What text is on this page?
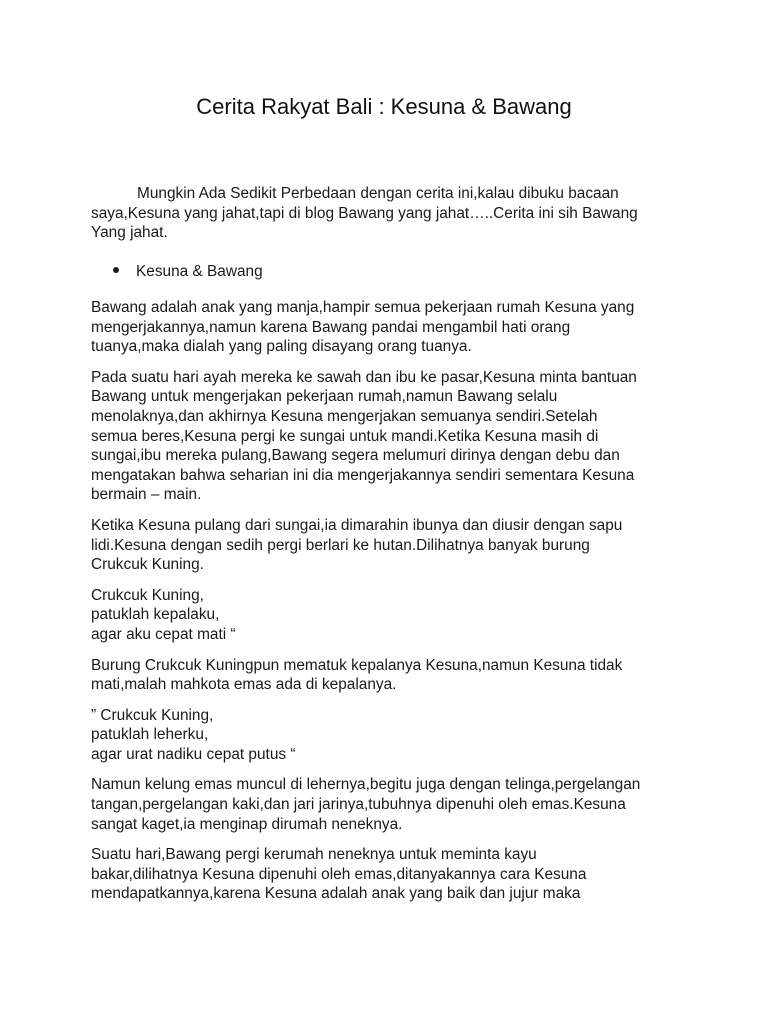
Cerita Rakyat Bali : Kesuna & Bawang
Mungkin Ada Sedikit Perbedaan dengan cerita ini,kalau dibuku bacaan
saya,Kesuna yang jahat,tapi di blog Bawang yang jahat…..Cerita ini sih Bawang
Yang jahat.
Kesuna & Bawang

Bawang adalah anak yang manja,hampir semua pekerjaan rumah Kesuna yang
mengerjakannya,namun karena Bawang pandai mengambil hati orang
tuanya,maka dialah yang paling disayang orang tuanya.

Pada suatu hari ayah mereka ke sawah dan ibu ke pasar,Kesuna minta bantuan
Bawang untuk mengerjakan pekerjaan rumah,namun Bawang selalu
menolaknya,dan akhirnya Kesuna mengerjakan semuanya sendiri.Setelah
semua beres,Kesuna pergi ke sungai untuk mandi.Ketika Kesuna masih di
sungai,ibu mereka pulang,Bawang segera melumuri dirinya dengan debu dan
mengatakan bahwa seharian ini dia mengerjakannya sendiri sementara Kesuna
bermain – main.

Ketika Kesuna pulang dari sungai,ia dimarahin ibunya dan diusir dengan sapu
lidi.Kesuna dengan sedih pergi berlari ke hutan.Dilihatnya banyak burung
Crukcuk Kuning.

Crukcuk Kuning,
patuklah kepalaku,
agar aku cepat mati “

Burung Crukcuk Kuningpun mematuk kepalanya Kesuna,namun Kesuna tidak
mati,malah mahkota emas ada di kepalanya.

” Crukcuk Kuning,
patuklah leherku,
agar urat nadiku cepat putus “

Namun kelung emas muncul di lehernya,begitu juga dengan telinga,pergelangan
tangan,pergelangan kaki,dan jari jarinya,tubuhnya dipenuhi oleh emas.Kesuna
sangat kaget,ia menginap dirumah neneknya.

Suatu hari,Bawang pergi kerumah neneknya untuk meminta kayu
bakar,dilihatnya Kesuna dipenuhi oleh emas,ditanyakannya cara Kesuna
mendapatkannya,karena Kesuna adalah anak yang baik dan jujur maka
